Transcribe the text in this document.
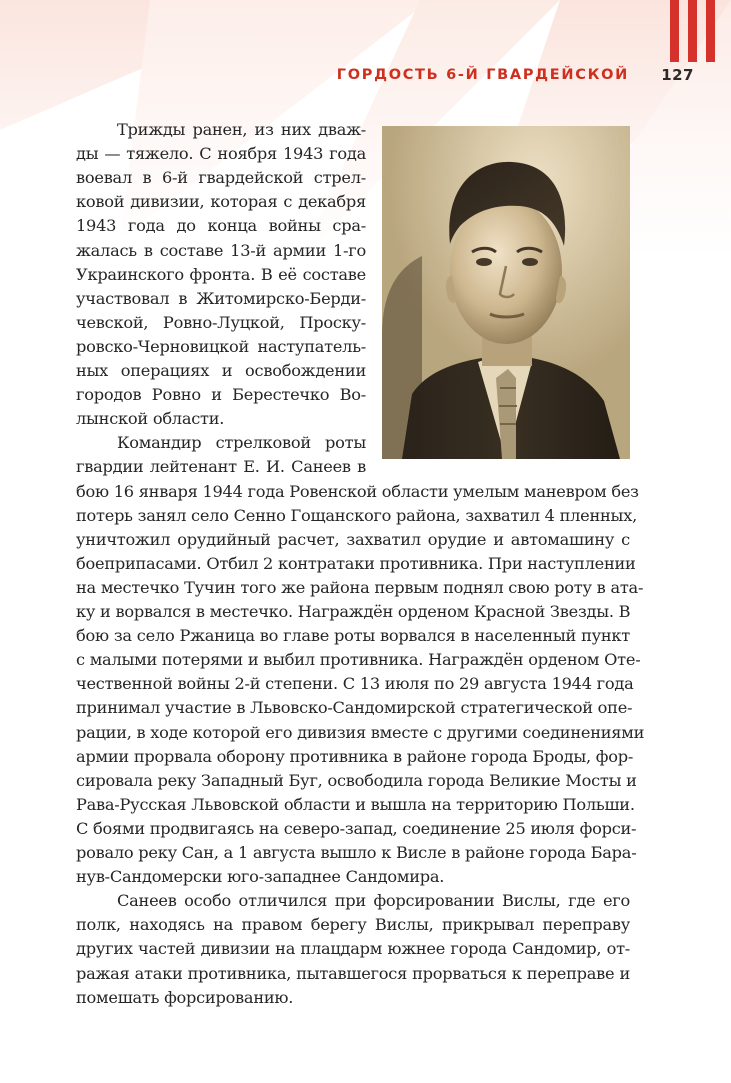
ГОРДОСТЬ 6-Й ГВАРДЕЙСКОЙ 127

Трижды ранен, из них дваж-

ды — тяжело. С ноября 1943 года

воевал в 6-й гвардейской стрел-

ковой дивизии, которая с декабря

1943 года до конца войны сра-

жалась в составе 13-й армии 1-го

Украинского фронта. В её составе

участвовал в Житомирско-Берди-

чевской, Ровно-Луцкой, Проску-

ровско-Черновицкой наступатель-

ных операциях и освобождении

городов Ровно и Берестечко Во-

лынской области.

Командир стрелковой роты

гвардии лейтенант Е. И. Санеев в

бою 16 января 1944 года Ровенской области умелым маневром без

потерь занял село Сенно Гощанского района, захватил 4 пленных,

уничтожил орудийный расчет, захватил орудие и автомашину с

боеприпасами. Отбил 2 контратаки противника. При наступлении

на местечко Тучин того же района первым поднял свою роту в ата-

ку и ворвался в местечко. Награждён орденом Красной Звезды. В

бою за село Ржаница во главе роты ворвался в населенный пункт

с малыми потерями и выбил противника. Награждён орденом Оте-

чественной войны 2-й степени. С 13 июля по 29 августа 1944 года

принимал участие в Львовско-Сандомирской стратегической опе-

рации, в ходе которой его дивизия вместе с другими соединениями

армии прорвала оборону противника в районе города Броды, фор-

сировала реку Западный Буг, освободила города Великие Мосты и

Рава-Русская Львовской области и вышла на территорию Польши.

С боями продвигаясь на северо-запад, соединение 25 июля форси-

ровало реку Сан, а 1 августа вышло к Висле в районе города Бара-

нув-Сандомерски юго-западнее Сандомира.

Санеев особо отличился при форсировании Вислы, где его

полк, находясь на правом берегу Вислы, прикрывал переправу

других частей дивизии на плацдарм южнее города Сандомир, от-

ражая атаки противника, пытавшегося прорваться к переправе и

помешать форсированию.
